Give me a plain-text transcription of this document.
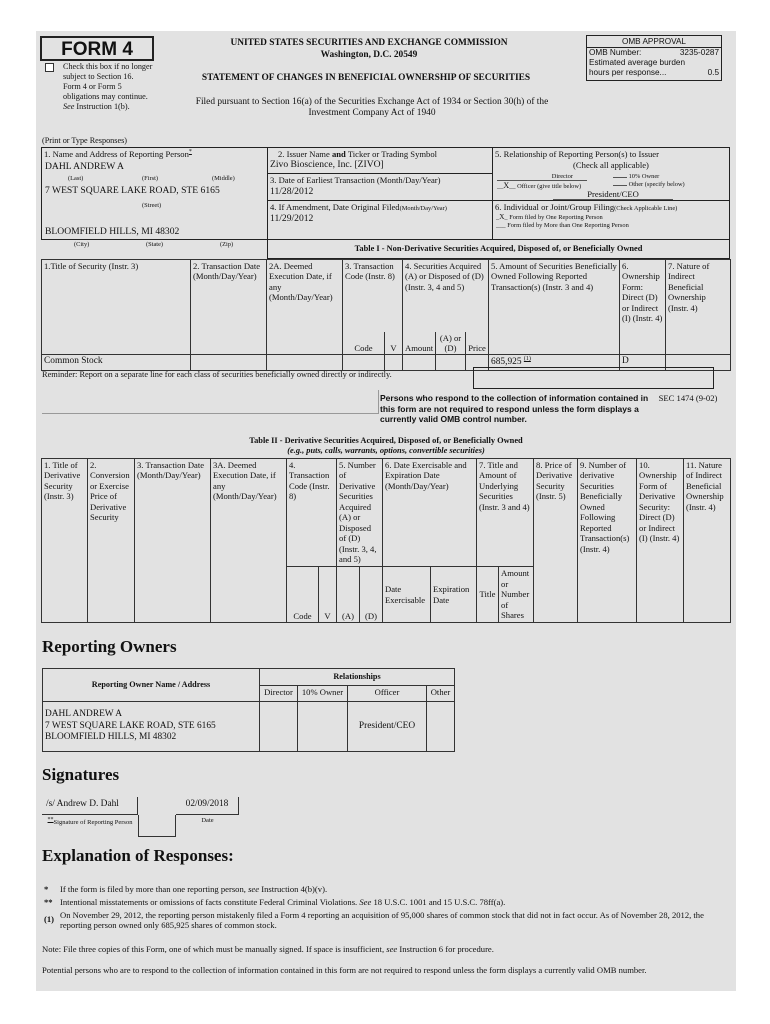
FORM 4
Check this box if no longer subject to Section 16. Form 4 or Form 5 obligations may continue. See Instruction 1(b).
UNITED STATES SECURITIES AND EXCHANGE COMMISSION
Washington, D.C. 20549
STATEMENT OF CHANGES IN BENEFICIAL OWNERSHIP OF SECURITIES
Filed pursuant to Section 16(a) of the Securities Exchange Act of 1934 or Section 30(h) of the
Investment Company Act of 1940
OMB APPROVAL
OMB Number:	3235-0287
Estimated average burden
hours per response...	0.5
(Print or Type Responses)
1. Name and Address of Reporting Person*
DAHL ANDREW A
(Last)	(First)	(Middle)
7 WEST SQUARE LAKE ROAD, STE 6165
(Street)
BLOOMFIELD HILLS, MI 48302
(City)	(State)	(Zip)
2. Issuer Name and Ticker or Trading Symbol
Zivo Bioscience, Inc. [ZIVO]
3. Date of Earliest Transaction (Month/Day/Year)
11/28/2012
4. If Amendment, Date Original Filed(Month/Day/Year)
11/29/2012
5. Relationship of Reporting Person(s) to Issuer
(Check all applicable)
Director	10% Owner
__X__ Officer (give title below)	Other (specify below)
President/CEO
6. Individual or Joint/Group Filing(Check Applicable Line)
_X_ Form filed by One Reporting Person
___ Form filed by More than One Reporting Person
Table I - Non-Derivative Securities Acquired, Disposed of, or Beneficially Owned
1.Title of Security (Instr. 3)	2. Transaction Date (Month/Day/Year)	2A. Deemed Execution Date, if any (Month/Day/Year)	3. Transaction Code (Instr. 8)		4. Securities Acquired (A) or Disposed of (D) (Instr. 3, 4 and 5)			5. Amount of Securities Beneficially Owned Following Reported Transaction(s) (Instr. 3 and 4)	6. Ownership Form: Direct (D) or Indirect (I) (Instr. 4)	7. Nature of Indirect Beneficial Ownership (Instr. 4)
			Code	V	Amount	(A) or (D)	Price			
Common Stock								685,925 $^{(1)}$	D	
Reminder: Report on a separate line for each class of securities beneficially owned directly or indirectly.
Persons who respond to the collection of information contained in this form are not required to respond unless the form displays a currently valid OMB control number.
SEC 1474 (9-02)
Table II - Derivative Securities Acquired, Disposed of, or Beneficially Owned
(e.g., puts, calls, warrants, options, convertible securities)
1. Title of Derivative Security (Instr. 3)	2. Conversion or Exercise Price of Derivative Security	3. Transaction Date (Month/Day/Year)	3A. Deemed Execution Date, if any (Month/Day/Year)	4. Transaction Code (Instr. 8)		5. Number of Derivative Securities Acquired (A) or Disposed of (D) (Instr. 3, 4, and 5)		6. Date Exercisable and Expiration Date (Month/Day/Year)		7. Title and Amount of Underlying Securities (Instr. 3 and 4)		8. Price of Derivative Security (Instr. 5)	9. Number of derivative Securities Beneficially Owned Following Reported Transaction(s) (Instr. 4)	10. Ownership Form of Derivative Security: Direct (D) or Indirect (I) (Instr. 4)	11. Nature of Indirect Beneficial Ownership (Instr. 4)
				Code	V	(A)	(D)	Date Exercisable	Expiration Date	Title	Amount or Number of Shares				
Reporting Owners
Reporting Owner Name / Address	Relationships			
	Director	10% Owner	Officer	Other

DAHL ANDREW A
7 WEST SQUARE LAKE ROAD, STE 6165
BLOOMFIELD HILLS, MI 48302			President/CEO	
Signatures
/s/ Andrew D. Dahl
**Signature of Reporting Person
02/09/2018
Date
Explanation of Responses:
* If the form is filed by more than one reporting person, see Instruction 4(b)(v).
** Intentional misstatements or omissions of facts constitute Federal Criminal Violations. See 18 U.S.C. 1001 and 15 U.S.C. 78ff(a).
(1) On November 29, 2012, the reporting person mistakenly filed a Form 4 reporting an acquisition of 95,000 shares of common stock that did not in fact occur. As of November 28, 2012, the reporting person owned only 685,925 shares of common stock.
Note: File three copies of this Form, one of which must be manually signed. If space is insufficient, see Instruction 6 for procedure.
Potential persons who are to respond to the collection of information contained in this form are not required to respond unless the form displays a currently valid OMB number.
